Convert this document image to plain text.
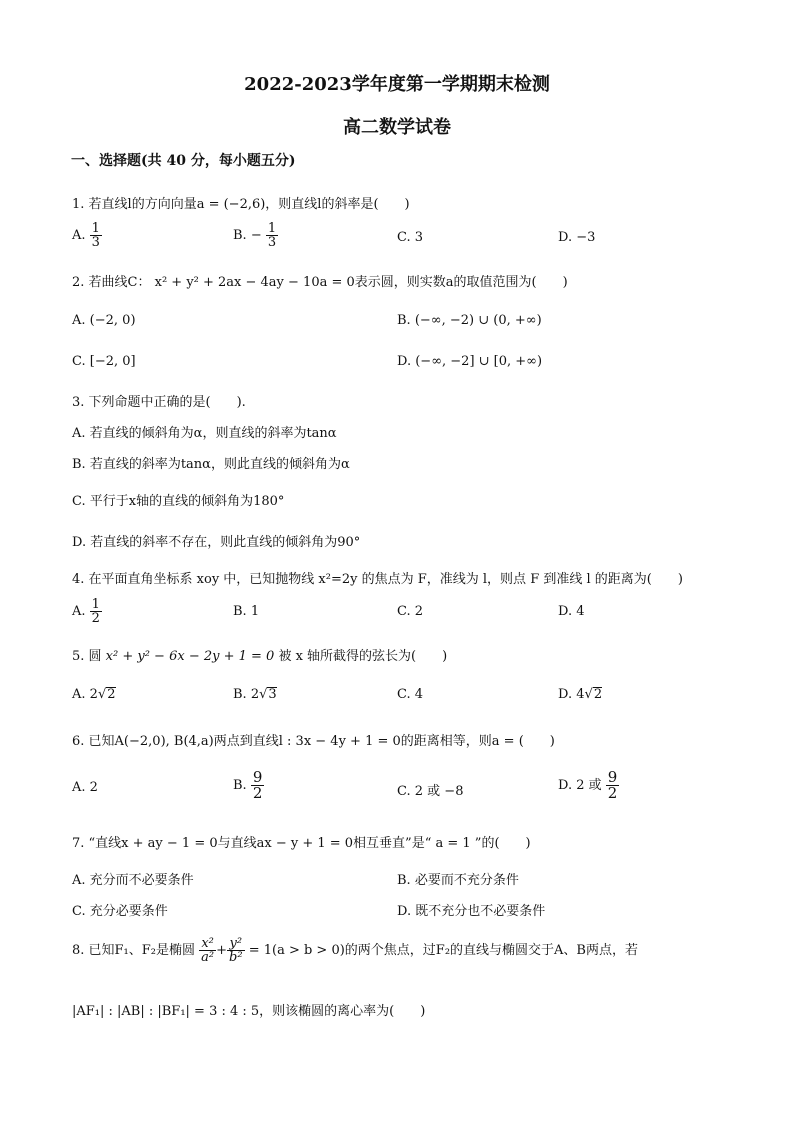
2022-2023学年度第一学期期末检测
高二数学试卷
一、选择题(共 40 分，每小题五分)
1. 若直线l的方向向量a = (−2,6)，则直线l的斜率是(　　)
A. $\frac{1}{3}$	B. − $\frac{1}{3}$	C. 3	D. −3
2. 若曲线C： x² + y² + 2ax − 4ay − 10a = 0表示圆，则实数a的取值范围为(　　)
A. (−2, 0)	B. (−∞, −2) ∪ (0, +∞)
C. [−2, 0]	D. (−∞, −2] ∪ [0, +∞)
3. 下列命题中正确的是(　　).
A. 若直线的倾斜角为α，则直线的斜率为tanα
B. 若直线的斜率为tanα，则此直线的倾斜角为α
C. 平行于x轴的直线的倾斜角为180°
D. 若直线的斜率不存在，则此直线的倾斜角为90°
4. 在平面直角坐标系 xoy 中，已知抛物线 x²=2y 的焦点为 F，准线为 l，则点 F 到准线 l 的距离为(　　)
A. $\frac{1}{2}$	B. 1	C. 2	D. 4
5. 圆 x² + y² − 6x − 2y + 1 = 0 被 x 轴所截得的弦长为(　　)
A. 2√2	B. 2√3	C. 4	D. 4√2
6. 已知A(−2,0), B(4,a)两点到直线l : 3x − 4y + 1 = 0的距离相等，则a = (　　)
A. 2	B. $\frac{9}{2}$	C. 2 或 −8	D. 2 或 $\frac{9}{2}$
7. “直线x + ay − 1 = 0与直线ax − y + 1 = 0相互垂直”是“ a = 1 ”的(　　)
A. 充分而不必要条件	B. 必要而不充分条件
C. 充分必要条件	D. 既不充分也不必要条件
8. 已知F₁、F₂是椭圆 $\frac{\text{x²}}{\text{a²}} + \frac{\text{y²}}{\text{b²}} = 1(a > b > 0)$的两个焦点，过F₂的直线与椭圆交于A、B两点，若
|AF₁| : |AB| : |BF₁| = 3 : 4 : 5，则该椭圆的离心率为(　　)
